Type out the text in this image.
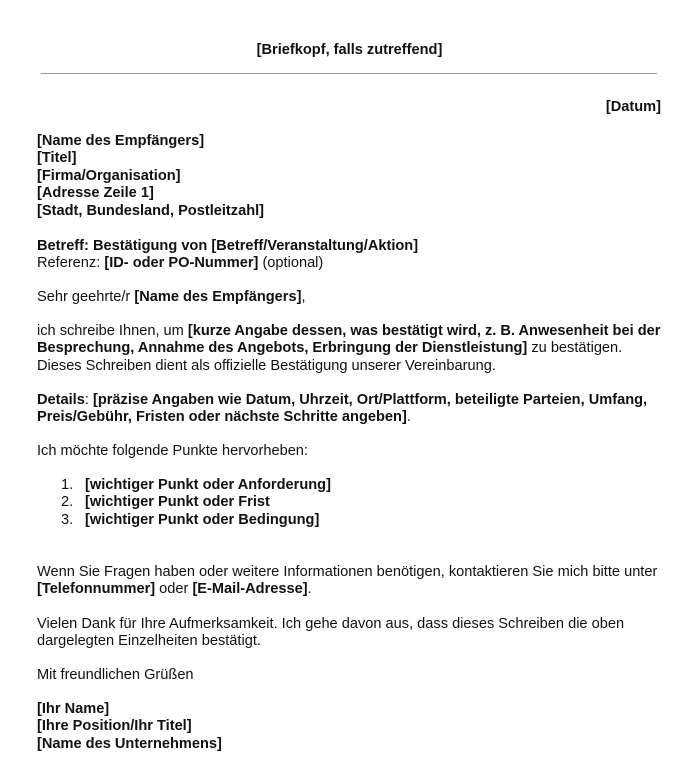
[Briefkopf, falls zutreffend]
[Datum]
[Name des Empfängers]
[Titel]
[Firma/Organisation]
[Adresse Zeile 1]
[Stadt, Bundesland, Postleitzahl]
Betreff: Bestätigung von [Betreff/Veranstaltung/Aktion]
Referenz: [ID- oder PO-Nummer] (optional)
Sehr geehrte/r [Name des Empfängers],
ich schreibe Ihnen, um [kurze Angabe dessen, was bestätigt wird, z. B. Anwesenheit bei der Besprechung, Annahme des Angebots, Erbringung der Dienstleistung] zu bestätigen. Dieses Schreiben dient als offizielle Bestätigung unserer Vereinbarung.
Details: [präzise Angaben wie Datum, Uhrzeit, Ort/Plattform, beteiligte Parteien, Umfang, Preis/Gebühr, Fristen oder nächste Schritte angeben].
Ich möchte folgende Punkte hervorheben:
1. [wichtiger Punkt oder Anforderung]
2. [wichtiger Punkt oder Frist
3. [wichtiger Punkt oder Bedingung]
Wenn Sie Fragen haben oder weitere Informationen benötigen, kontaktieren Sie mich bitte unter [Telefonnummer] oder [E-Mail-Adresse].
Vielen Dank für Ihre Aufmerksamkeit. Ich gehe davon aus, dass dieses Schreiben die oben dargelegten Einzelheiten bestätigt.
Mit freundlichen Grüßen
[Ihr Name]
[Ihre Position/Ihr Titel]
[Name des Unternehmens]
